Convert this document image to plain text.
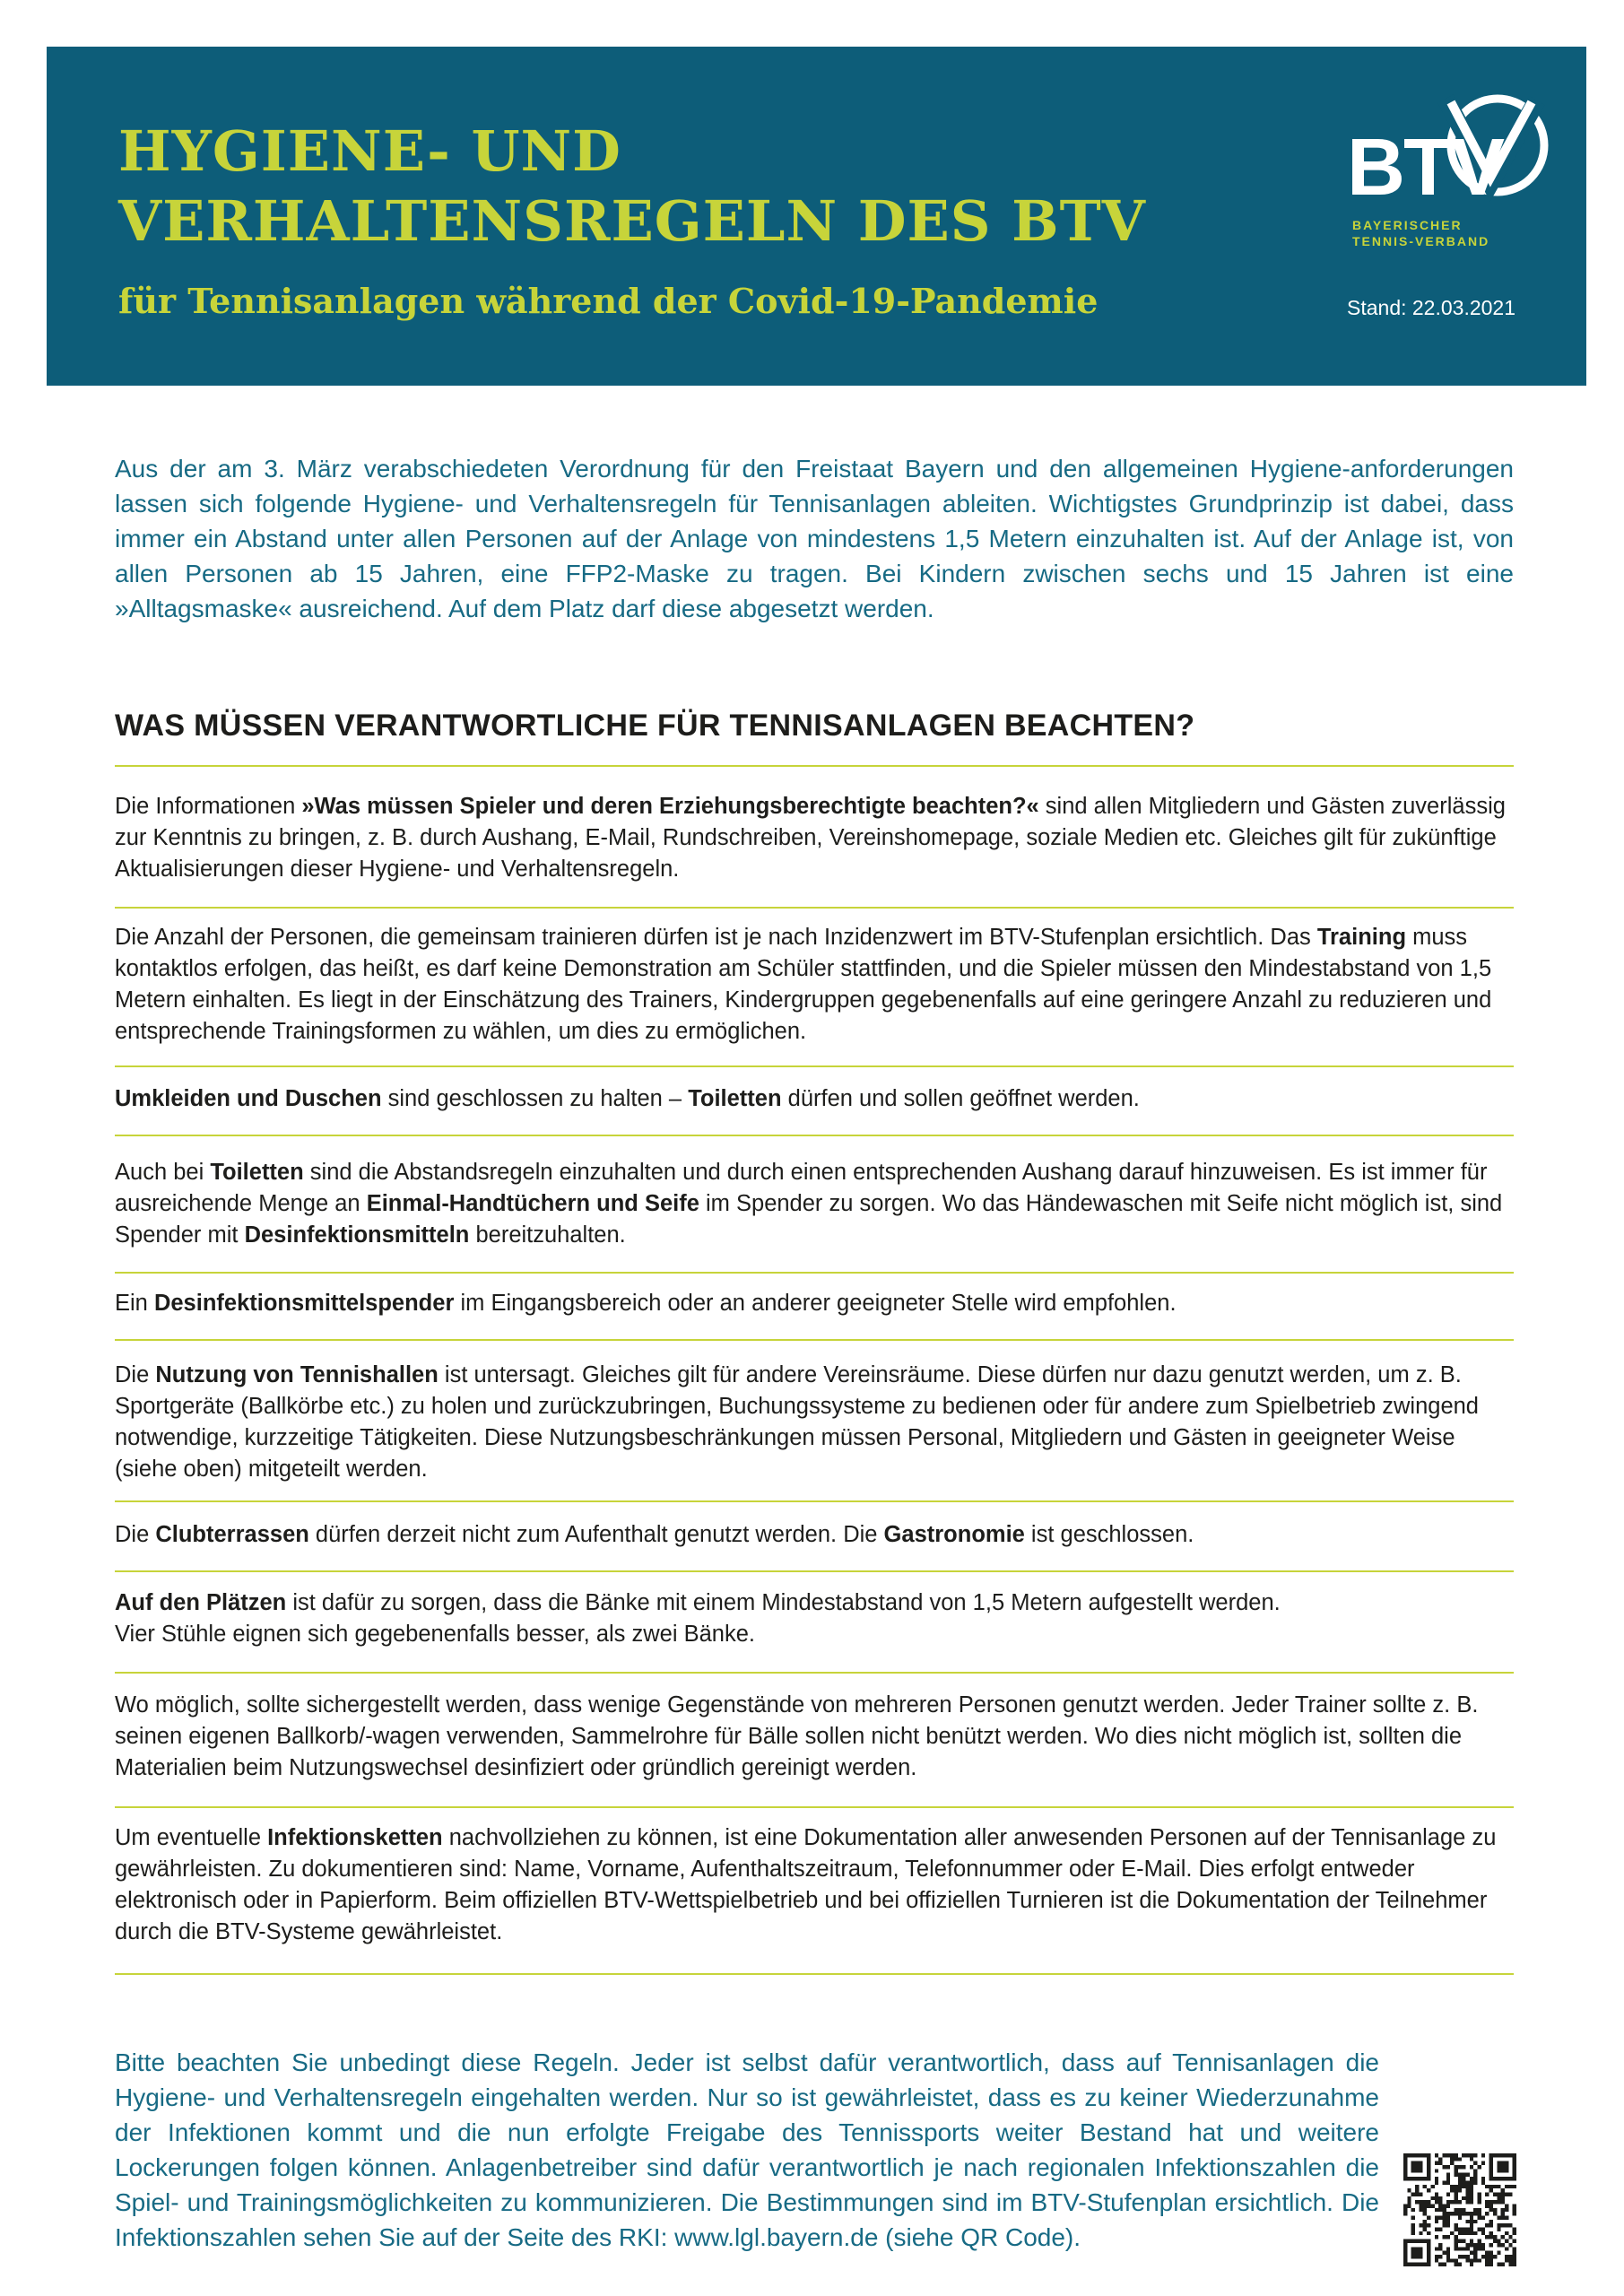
HYGIENE- UND
VERHALTENSREGELN DES BTV

für Tennisanlagen während der Covid-19-Pandemie	Stand: 22.03.2021
BTV
BAYERISCHER
TENNIS-VERBAND

Aus der am 3. März verabschiedeten Verordnung für den Freistaat Bayern und den allgemeinen Hygiene-anforderungen lassen sich folgende Hygiene- und Verhaltensregeln für Tennisanlagen ableiten. Wichtigstes Grundprinzip ist dabei, dass immer ein Abstand unter allen Personen auf der Anlage von mindestens 1,5 Metern einzuhalten ist. Auf der Anlage ist, von allen Personen ab 15 Jahren, eine FFP2-Maske zu tragen. Bei Kindern zwischen sechs und 15 Jahren ist eine »Alltagsmaske« ausreichend. Auf dem Platz darf diese abgesetzt werden.

WAS MÜSSEN VERANTWORTLICHE FÜR TENNISANLAGEN BEACHTEN?

Die Informationen »Was müssen Spieler und deren Erziehungsberechtigte beachten?« sind allen Mitgliedern und Gästen zuverlässig zur Kenntnis zu bringen, z. B. durch Aushang, E-Mail, Rundschreiben, Vereinshomepage, soziale Medien etc. Gleiches gilt für zukünftige Aktualisierungen dieser Hygiene- und Verhaltensregeln.

Die Anzahl der Personen, die gemeinsam trainieren dürfen ist je nach Inzidenzwert im BTV-Stufenplan ersichtlich. Das Training muss kontaktlos erfolgen, das heißt, es darf keine Demonstration am Schüler stattfinden, und die Spieler müssen den Mindestabstand von 1,5 Metern einhalten. Es liegt in der Einschätzung des Trainers, Kindergruppen gegebenenfalls auf eine geringere Anzahl zu reduzieren und entsprechende Trainingsformen zu wählen, um dies zu ermöglichen.

Umkleiden und Duschen sind geschlossen zu halten – Toiletten dürfen und sollen geöffnet werden.

Auch bei Toiletten sind die Abstandsregeln einzuhalten und durch einen entsprechenden Aushang darauf hinzuweisen. Es ist immer für ausreichende Menge an Einmal-Handtüchern und Seife im Spender zu sorgen. Wo das Händewaschen mit Seife nicht möglich ist, sind Spender mit Desinfektionsmitteln bereitzuhalten.

Ein Desinfektionsmittelspender im Eingangsbereich oder an anderer geeigneter Stelle wird empfohlen.

Die Nutzung von Tennishallen ist untersagt. Gleiches gilt für andere Vereinsräume. Diese dürfen nur dazu genutzt werden, um z. B. Sportgeräte (Ballkörbe etc.) zu holen und zurückzubringen, Buchungssysteme zu bedienen oder für andere zum Spielbetrieb zwingend notwendige, kurzzeitige Tätigkeiten. Diese Nutzungsbeschränkungen müssen Personal, Mitgliedern und Gästen in geeigneter Weise (siehe oben) mitgeteilt werden.

Die Clubterrassen dürfen derzeit nicht zum Aufenthalt genutzt werden. Die Gastronomie ist geschlossen.

Auf den Plätzen ist dafür zu sorgen, dass die Bänke mit einem Mindestabstand von 1,5 Metern aufgestellt werden.
Vier Stühle eignen sich gegebenenfalls besser, als zwei Bänke.

Wo möglich, sollte sichergestellt werden, dass wenige Gegenstände von mehreren Personen genutzt werden. Jeder Trainer sollte z. B. seinen eigenen Ballkorb/-wagen verwenden, Sammelrohre für Bälle sollen nicht benützt werden. Wo dies nicht möglich ist, sollten die Materialien beim Nutzungswechsel desinfiziert oder gründlich gereinigt werden.

Um eventuelle Infektionsketten nachvollziehen zu können, ist eine Dokumentation aller anwesenden Personen auf der Tennisanlage zu gewährleisten. Zu dokumentieren sind: Name, Vorname, Aufenthaltszeitraum, Telefonnummer oder E-Mail. Dies erfolgt entweder elektronisch oder in Papierform. Beim offiziellen BTV-Wettspielbetrieb und bei offiziellen Turnieren ist die Dokumentation der Teilnehmer durch die BTV-Systeme gewährleistet.

Bitte beachten Sie unbedingt diese Regeln. Jeder ist selbst dafür verantwortlich, dass auf Tennisanlagen die Hygiene- und Verhaltensregeln eingehalten werden. Nur so ist gewährleistet, dass es zu keiner Wiederzunahme der Infektionen kommt und die nun erfolgte Freigabe des Tennissports weiter Bestand hat und weitere Lockerungen folgen können. Anlagenbetreiber sind dafür verantwortlich je nach regionalen Infektionszahlen die Spiel- und Trainingsmöglichkeiten zu kommunizieren. Die Bestimmungen sind im BTV-Stufenplan ersichtlich. Die Infektionszahlen sehen Sie auf der Seite des RKI: www.lgl.bayern.de (siehe QR Code).
